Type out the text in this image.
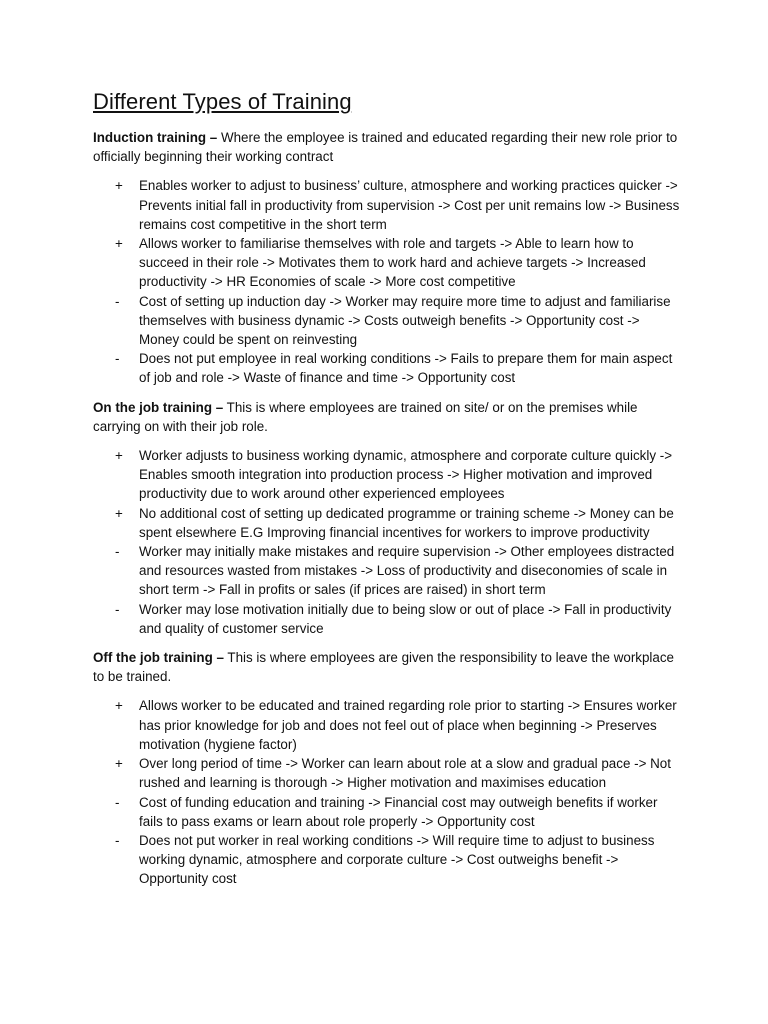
Different Types of Training

Induction training – Where the employee is trained and educated regarding their new role prior to officially beginning their working contract

+	Enables worker to adjust to business’ culture, atmosphere and working practices quicker -> Prevents initial fall in productivity from supervision -> Cost per unit remains low -> Business remains cost competitive in the short term
+	Allows worker to familiarise themselves with role and targets -> Able to learn how to succeed in their role -> Motivates them to work hard and achieve targets -> Increased productivity -> HR Economies of scale -> More cost competitive
-	Cost of setting up induction day -> Worker may require more time to adjust and familiarise themselves with business dynamic -> Costs outweigh benefits -> Opportunity cost -> Money could be spent on reinvesting
-	Does not put employee in real working conditions -> Fails to prepare them for main aspect of job and role -> Waste of finance and time -> Opportunity cost

On the job training – This is where employees are trained on site/ or on the premises while carrying on with their job role.

+	Worker adjusts to business working dynamic, atmosphere and corporate culture quickly -> Enables smooth integration into production process -> Higher motivation and improved productivity due to work around other experienced employees
+	No additional cost of setting up dedicated programme or training scheme -> Money can be spent elsewhere E.G Improving financial incentives for workers to improve productivity
-	Worker may initially make mistakes and require supervision -> Other employees distracted and resources wasted from mistakes -> Loss of productivity and diseconomies of scale in short term -> Fall in profits or sales (if prices are raised) in short term
-	Worker may lose motivation initially due to being slow or out of place -> Fall in productivity and quality of customer service

Off the job training – This is where employees are given the responsibility to leave the workplace to be trained.

+	Allows worker to be educated and trained regarding role prior to starting -> Ensures worker has prior knowledge for job and does not feel out of place when beginning -> Preserves motivation (hygiene factor)
+	Over long period of time -> Worker can learn about role at a slow and gradual pace -> Not rushed and learning is thorough -> Higher motivation and maximises education
-	Cost of funding education and training -> Financial cost may outweigh benefits if worker fails to pass exams or learn about role properly -> Opportunity cost
-	Does not put worker in real working conditions -> Will require time to adjust to business working dynamic, atmosphere and corporate culture -> Cost outweighs benefit -> Opportunity cost
